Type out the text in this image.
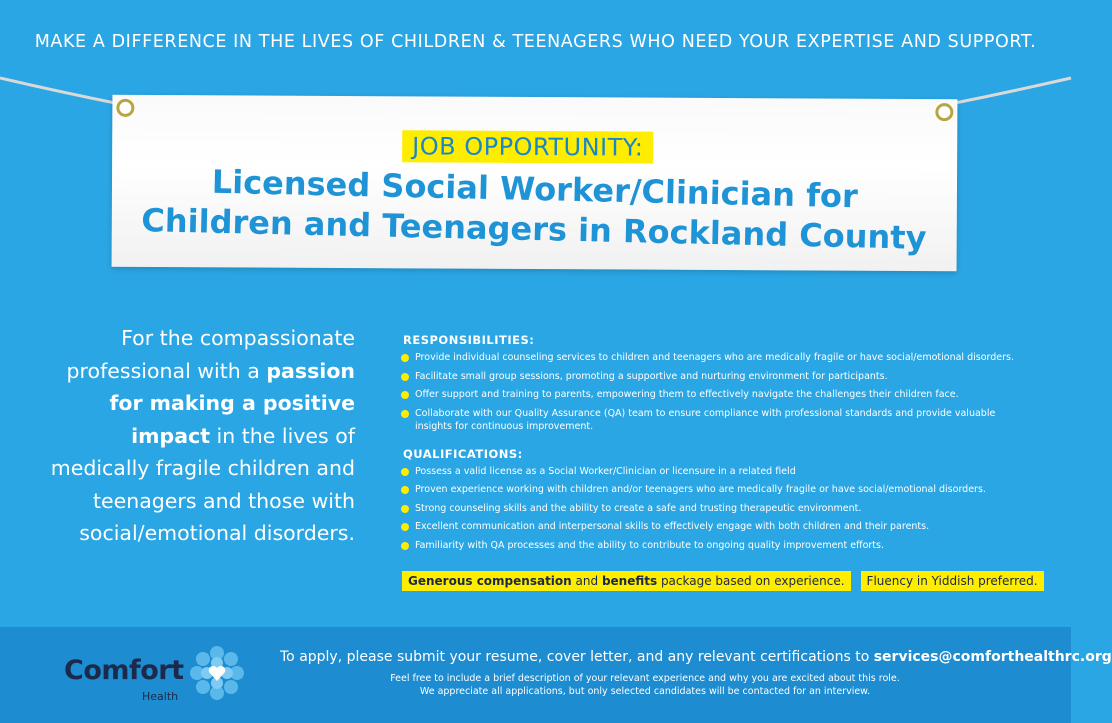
MAKE A DIFFERENCE IN THE LIVES OF CHILDREN & TEENAGERS WHO NEED YOUR EXPERTISE AND SUPPORT.
JOB OPPORTUNITY:
Licensed Social Worker/Clinician for
Children and Teenagers in Rockland County
For the compassionate professional with a passion for making a positive impact in the lives of medically fragile children and teenagers and those with social/emotional disorders.
RESPONSIBILITIES:
Provide individual counseling services to children and teenagers who are medically fragile or have social/emotional disorders.
Facilitate small group sessions, promoting a supportive and nurturing environment for participants.
Offer support and training to parents, empowering them to effectively navigate the challenges their children face.
Collaborate with our Quality Assurance (QA) team to ensure compliance with professional standards and provide valuable insights for continuous improvement.
QUALIFICATIONS:
Possess a valid license as a Social Worker/Clinician or licensure in a related field
Proven experience working with children and/or teenagers who are medically fragile or have social/emotional disorders.
Strong counseling skills and the ability to create a safe and trusting therapeutic environment.
Excellent communication and interpersonal skills to effectively engage with both children and their parents.
Familiarity with QA processes and the ability to contribute to ongoing quality improvement efforts.
Generous compensation and benefits package based on experience.	Fluency in Yiddish preferred.
Comfort
Health
To apply, please submit your resume, cover letter, and any relevant certifications to services@comforthealthrc.org
Feel free to include a brief description of your relevant experience and why you are excited about this role.
We appreciate all applications, but only selected candidates will be contacted for an interview.
